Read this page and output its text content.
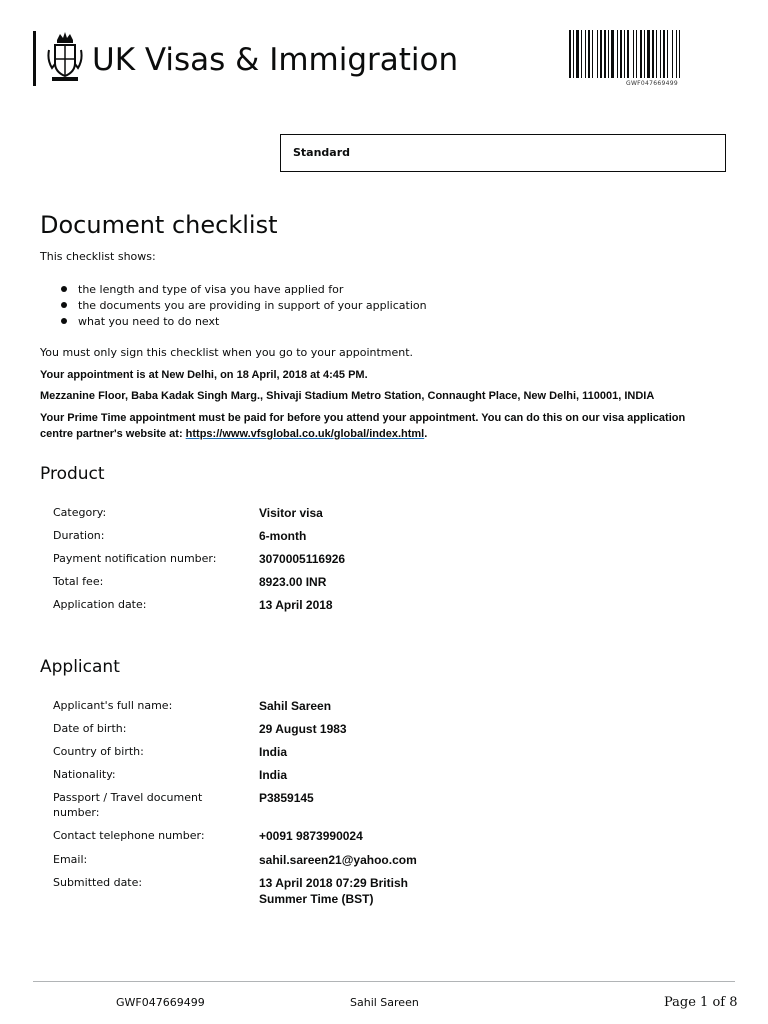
UK Visas & Immigration
GWF047669499
Standard
Document checklist
This checklist shows:
the length and type of visa you have applied for
the documents you are providing in support of your application
what you need to do next
You must only sign this checklist when you go to your appointment.
Your appointment is at New Delhi, on 18 April, 2018 at 4:45 PM.
Mezzanine Floor, Baba Kadak Singh Marg., Shivaji Stadium Metro Station, Connaught Place, New Delhi, 110001, INDIA
Your Prime Time appointment must be paid for before you attend your appointment. You can do this on our visa application centre partner's website at: https://www.vfsglobal.co.uk/global/index.html.
Product
Category:	Visitor visa
Duration:	6-month
Payment notification number:	3070005116926
Total fee:	8923.00 INR
Application date:	13 April 2018
Applicant
Applicant's full name:	Sahil Sareen
Date of birth:	29 August 1983
Country of birth:	India
Nationality:	India
Passport / Travel document number:
P3859145
Contact telephone number:	+0091 9873990024
Email:	sahil.sareen21@yahoo.com
Submitted date:	13 April 2018 07:29 British Summer Time (BST)
GWF047669499	Sahil Sareen	Page 1 of 8
